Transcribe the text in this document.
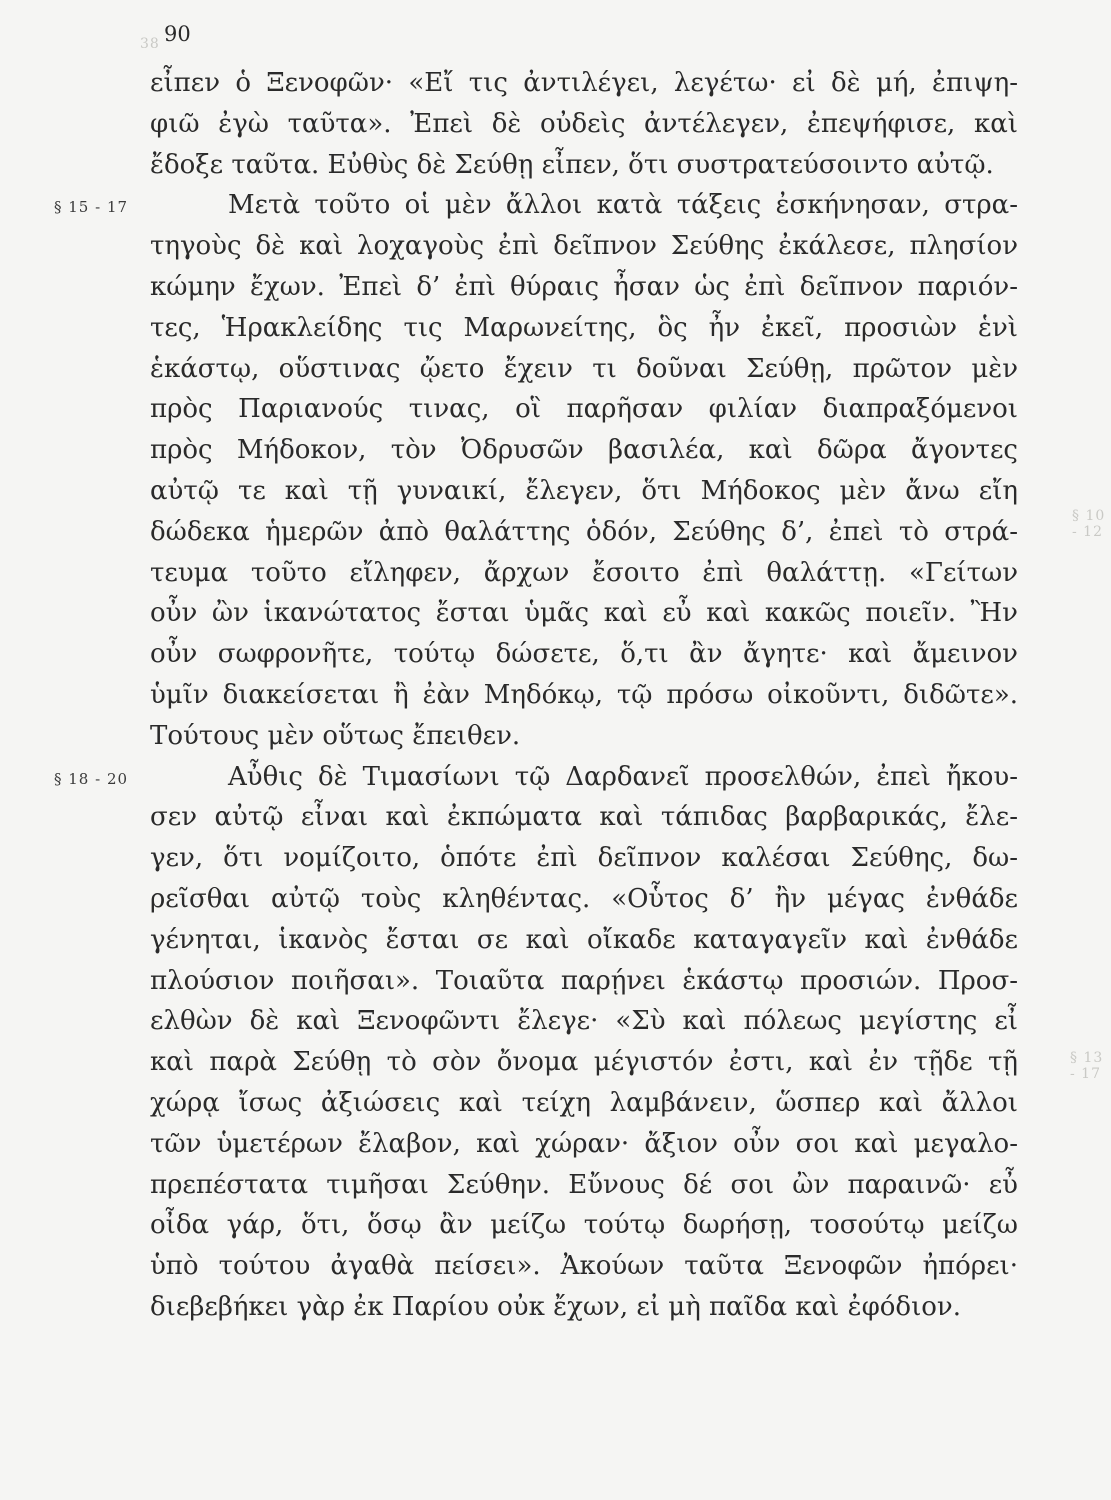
38
§ 10 - 12
§ 13 - 17
90
εἶπεν ὁ Ξενοφῶν· «Εἴ τις ἀντιλέγει, λεγέτω· εἰ δὲ μή, ἐπιψη-
φιῶ ἐγὼ ταῦτα». Ἐπεὶ δὲ οὐδεὶς ἀντέλεγεν, ἐπεψήφισε, καὶ
ἔδοξε ταῦτα. Εὐθὺς δὲ Σεύθῃ εἶπεν, ὅτι συστρατεύσοιντο αὐτῷ.
§ 15 - 17	Μετὰ τοῦτο οἱ μὲν ἄλλοι κατὰ τάξεις ἐσκήνησαν, στρα-
τηγοὺς δὲ καὶ λοχαγοὺς ἐπὶ δεῖπνον Σεύθης ἐκάλεσε, πλησίον
κώμην ἔχων. Ἐπεὶ δ’ ἐπὶ θύραις ἦσαν ὡς ἐπὶ δεῖπνον παριόν-
τες, Ἡρακλείδης τις Μαρωνείτης, ὃς ἦν ἐκεῖ, προσιὼν ἑνὶ
ἑκάστῳ, οὕστινας ᾤετο ἔχειν τι δοῦναι Σεύθῃ, πρῶτον μὲν
πρὸς Παριανούς τινας, οἳ παρῆσαν φιλίαν διαπραξόμενοι
πρὸς Μήδοκον, τὸν Ὀδρυσῶν βασιλέα, καὶ δῶρα ἄγοντες
αὐτῷ τε καὶ τῇ γυναικί, ἔλεγεν, ὅτι Μήδοκος μὲν ἄνω εἴη
δώδεκα ἡμερῶν ἀπὸ θαλάττης ὁδόν, Σεύθης δ’, ἐπεὶ τὸ στρά-
τευμα τοῦτο εἴληφεν, ἄρχων ἔσοιτο ἐπὶ θαλάττῃ. «Γείτων
οὖν ὢν ἱκανώτατος ἔσται ὑμᾶς καὶ εὖ καὶ κακῶς ποιεῖν. Ἢν
οὖν σωφρονῆτε, τούτῳ δώσετε, ὅ,τι ἂν ἄγητε· καὶ ἄμεινον
ὑμῖν διακείσεται ἢ ἐὰν Μηδόκῳ, τῷ πρόσω οἰκοῦντι, διδῶτε».
Τούτους μὲν οὕτως ἔπειθεν.
§ 18 - 20	Αὖθις δὲ Τιμασίωνι τῷ Δαρδανεῖ προσελθών, ἐπεὶ ἤκου-
σεν αὐτῷ εἶναι καὶ ἐκπώματα καὶ τάπιδας βαρβαρικάς, ἔλε-
γεν, ὅτι νομίζοιτο, ὁπότε ἐπὶ δεῖπνον καλέσαι Σεύθης, δω-
ρεῖσθαι αὐτῷ τοὺς κληθέντας. «Οὗτος δ’ ἢν μέγας ἐνθάδε
γένηται, ἱκανὸς ἔσται σε καὶ οἴκαδε καταγαγεῖν καὶ ἐνθάδε
πλούσιον ποιῆσαι». Τοιαῦτα παρῄνει ἑκάστῳ προσιών. Προσ-
ελθὼν δὲ καὶ Ξενοφῶντι ἔλεγε· «Σὺ καὶ πόλεως μεγίστης εἶ
καὶ παρὰ Σεύθῃ τὸ σὸν ὄνομα μέγιστόν ἐστι, καὶ ἐν τῇδε τῇ
χώρᾳ ἴσως ἀξιώσεις καὶ τείχη λαμβάνειν, ὥσπερ καὶ ἄλλοι
τῶν ὑμετέρων ἔλαβον, καὶ χώραν· ἄξιον οὖν σοι καὶ μεγαλο-
πρεπέστατα τιμῆσαι Σεύθην. Εὔνους δέ σοι ὢν παραινῶ· εὖ
οἶδα γάρ, ὅτι, ὅσῳ ἂν μείζω τούτῳ δωρήσῃ, τοσούτῳ μείζω
ὑπὸ τούτου ἀγαθὰ πείσει». Ἀκούων ταῦτα Ξενοφῶν ἠπόρει·
διεβεβήκει γὰρ ἐκ Παρίου οὐκ ἔχων, εἰ μὴ παῖδα καὶ ἐφόδιον.
